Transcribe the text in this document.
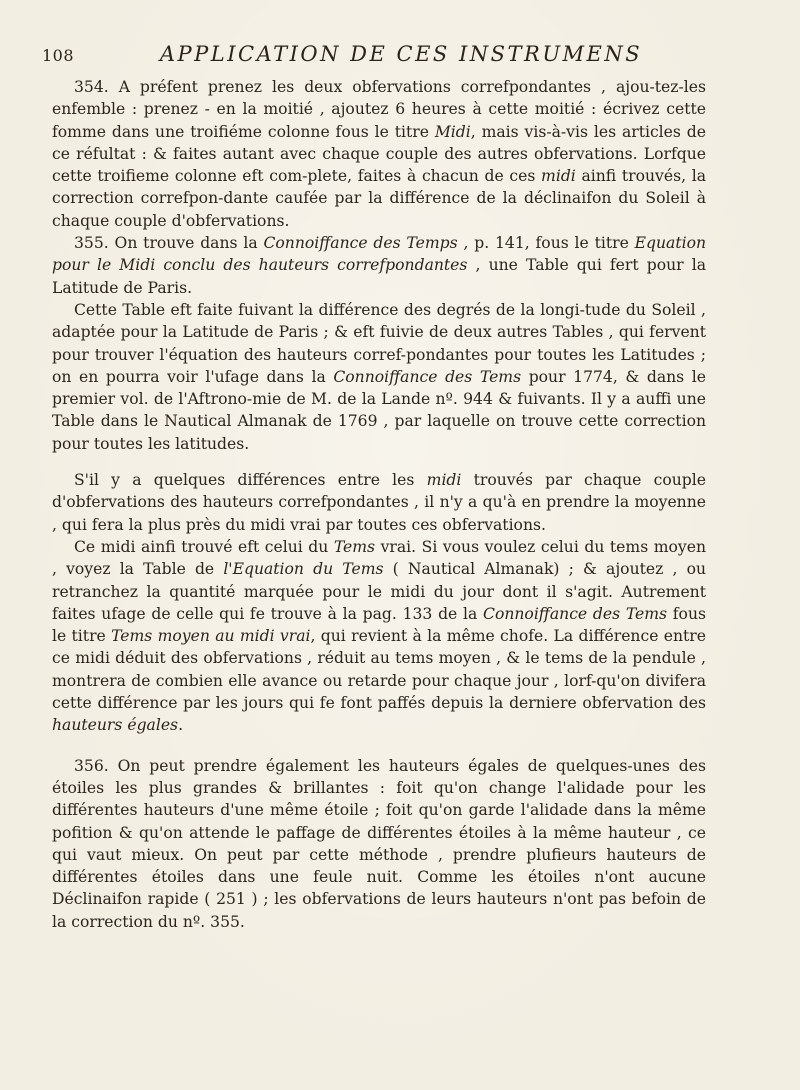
108	APPLICATION DE CES INSTRUMENS

354. A préfent prenez les deux obfervations correfpondantes , ajou-tez-les enfemble : prenez - en la moitié , ajoutez 6 heures à cette moitié : écrivez cette fomme dans une troifiéme colonne fous le titre Midi, mais vis-à-vis les articles de ce réfultat : & faites autant avec chaque couple des autres obfervations. Lorfque cette troifieme colonne eft com-plete, faites à chacun de ces midi ainfi trouvés, la correction correfpon-dante caufée par la différence de la déclinaifon du Soleil à chaque couple d'obfervations.

355. On trouve dans la Connoiffance des Temps , p. 141, fous le titre Equation pour le Midi conclu des hauteurs correfpondantes , une Table qui fert pour la Latitude de Paris.

Cette Table eft faite fuivant la différence des degrés de la longi-tude du Soleil , adaptée pour la Latitude de Paris ; & eft fuivie de deux autres Tables , qui fervent pour trouver l'équation des hauteurs corref-pondantes pour toutes les Latitudes ; on en pourra voir l'ufage dans la Connoiffance des Tems pour 1774, & dans le premier vol. de l'Aftrono-mie de M. de la Lande nº. 944 & fuivants. Il y a auffi une Table dans le Nautical Almanak de 1769 , par laquelle on trouve cette correction pour toutes les latitudes.

S'il y a quelques différences entre les midi trouvés par chaque couple d'obfervations des hauteurs correfpondantes , il n'y a qu'à en prendre la moyenne , qui fera la plus près du midi vrai par toutes ces obfervations.

Ce midi ainfi trouvé eft celui du Tems vrai. Si vous voulez celui du tems moyen , voyez la Table de l'Equation du Tems ( Nautical Almanak) ; & ajoutez , ou retranchez la quantité marquée pour le midi du jour dont il s'agit. Autrement faites ufage de celle qui fe trouve à la pag. 133 de la Connoiffance des Tems fous le titre Tems moyen au midi vrai, qui revient à la même chofe. La différence entre ce midi déduit des obfervations , réduit au tems moyen , & le tems de la pendule , montrera de combien elle avance ou retarde pour chaque jour , lorf-qu'on divifera cette différence par les jours qui fe font paffés depuis la derniere obfervation des hauteurs égales.

356. On peut prendre également les hauteurs égales de quelques-unes des étoiles les plus grandes & brillantes : foit qu'on change l'alidade pour les différentes hauteurs d'une même étoile ; foit qu'on garde l'alidade dans la même pofition & qu'on attende le paffage de différentes étoiles à la même hauteur , ce qui vaut mieux. On peut par cette méthode , prendre plufieurs hauteurs de différentes étoiles dans une feule nuit. Comme les étoiles n'ont aucune Déclinaifon rapide ( 251 ) ; les obfervations de leurs hauteurs n'ont pas befoin de la correction du nº. 355.
